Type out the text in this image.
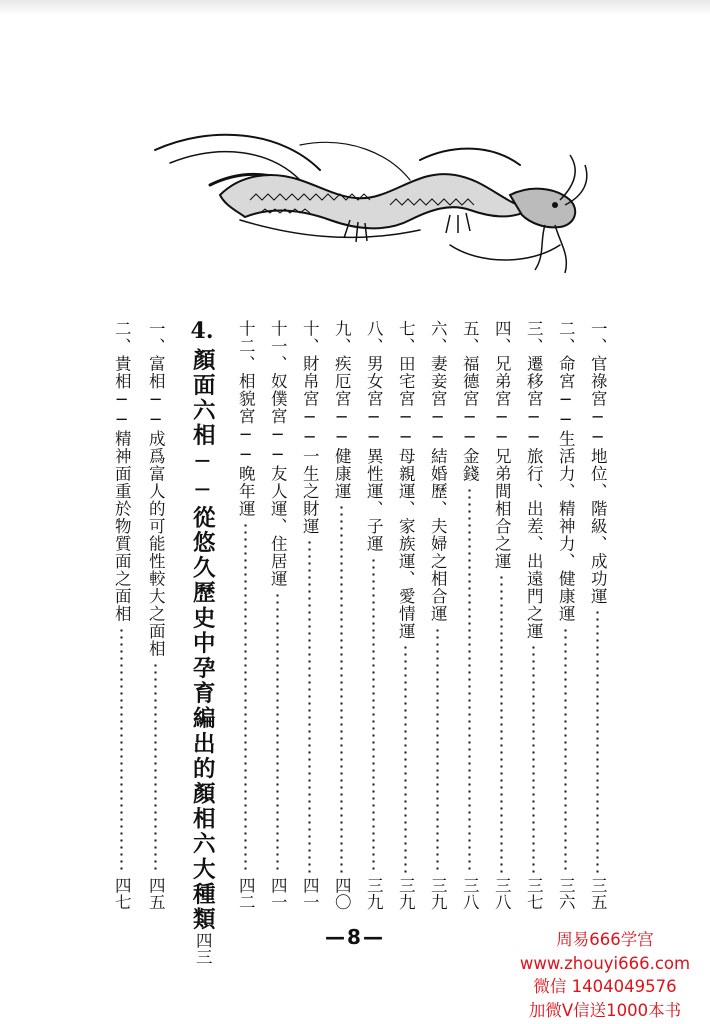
一、官祿宮──地位、階級、成功運
三五
二、命宮──生活力、精神力、健康運
三六
三、遷移宮──旅行、出差、出遠門之運
三七
四、兄弟宮──兄弟間相合之運
三八
五、福德宮──金錢
三八
六、妻妾宮──結婚歷、夫婦之相合運
三九
七、田宅宮──母親運、家族運、愛情運
三九
八、男女宮──異性運、子運
三九
九、疾厄宮──健康運
四〇
十、財帛宮──一生之財運
四一
十一、奴僕宮──友人運、住居運
四一
十二、相貌宮──晚年運
四二
4.
顏面六相──從悠久歷史中孕育編出的顏相六大種類
四三
一、富相──成爲富人的可能性較大之面相
四五
二、貴相──精神面重於物質面之面相
四七
—8—	周易666学宫
www.zhouyi666.com
微信 1404049576
加微V信送1000本书
